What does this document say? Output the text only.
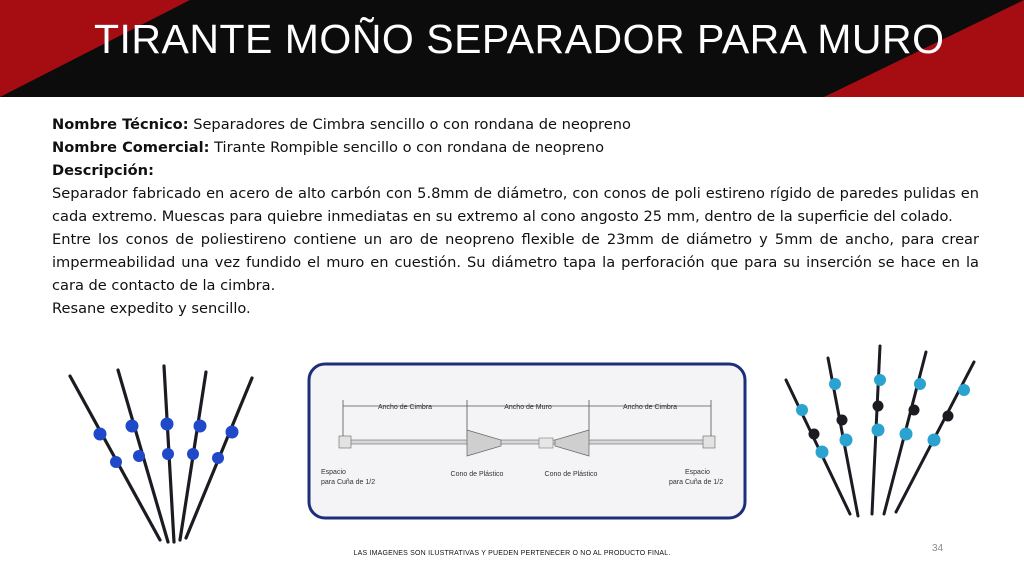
TIRANTE MOÑO SEPARADOR PARA MURO

Nombre Técnico: Separadores de Cimbra sencillo o con rondana de neopreno

Nombre Comercial: Tirante Rompible sencillo o con rondana de neopreno

Descripción:

Separador fabricado en acero de alto carbón con 5.8mm de diámetro, con conos de poli estireno rígido de paredes pulidas en cada extremo. Muescas para quiebre inmediatas en su extremo al cono angosto 25 mm, dentro de la superficie del colado.

Entre los conos de poliestireno contiene un aro de neopreno flexible de 23mm de diámetro y 5mm de ancho, para crear impermeabilidad una vez fundido el muro en cuestión. Su diámetro tapa la perforación que para su inserción se hace en la cara de contacto de la cimbra.

Resane expedito y sencillo.

Ancho de Cimbra	Ancho de Muro	Ancho de Cimbra
Espacio
para Cuña de 1/2
Cono de Plástico	Cono de Plástico	Espacio
para Cuña de 1/2
34
LAS IMAGENES SON ILUSTRATIVAS Y PUEDEN PERTENECER O NO AL PRODUCTO FINAL.
